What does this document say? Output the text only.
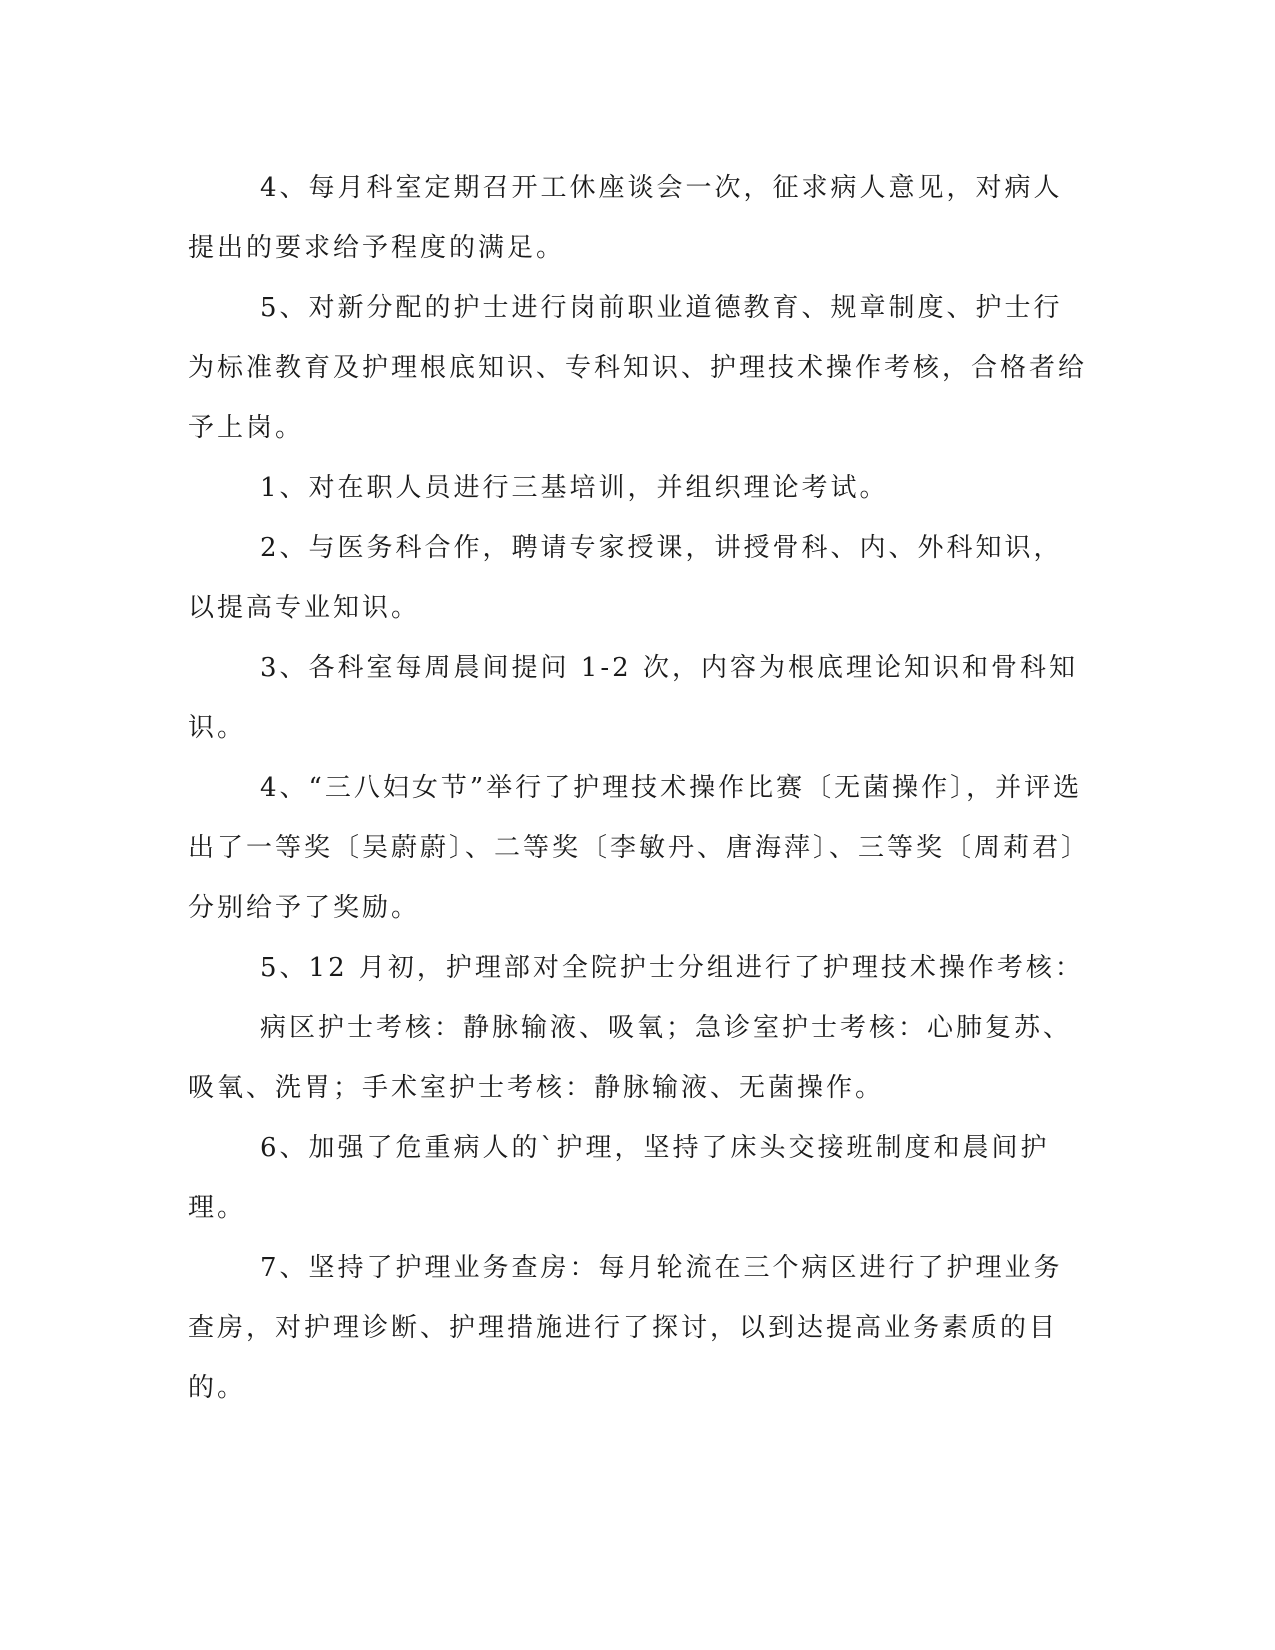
4、每月科室定期召开工休座谈会一次，征求病人意见，对病人提出的要求给予程度的满足。

5、对新分配的护士进行岗前职业道德教育、规章制度、护士行为标准教育及护理根底知识、专科知识、护理技术操作考核，合格者给予上岗。

1、对在职人员进行三基培训，并组织理论考试。

2、与医务科合作，聘请专家授课，讲授骨科、内、外科知识，以提高专业知识。

3、各科室每周晨间提问 1-2 次，内容为根底理论知识和骨科知识。

4、“三八妇女节”举行了护理技术操作比赛〔无菌操作〕，并评选出了一等奖〔吴蔚蔚〕、二等奖〔李敏丹、唐海萍〕、三等奖〔周莉君〕分别给予了奖励。

5、12 月初，护理部对全院护士分组进行了护理技术操作考核：

病区护士考核：静脉输液、吸氧；急诊室护士考核：心肺复苏、吸氧、洗胃；手术室护士考核：静脉输液、无菌操作。

6、加强了危重病人的`护理，坚持了床头交接班制度和晨间护理。

7、坚持了护理业务查房：每月轮流在三个病区进行了护理业务查房，对护理诊断、护理措施进行了探讨，以到达提高业务素质的目的。
